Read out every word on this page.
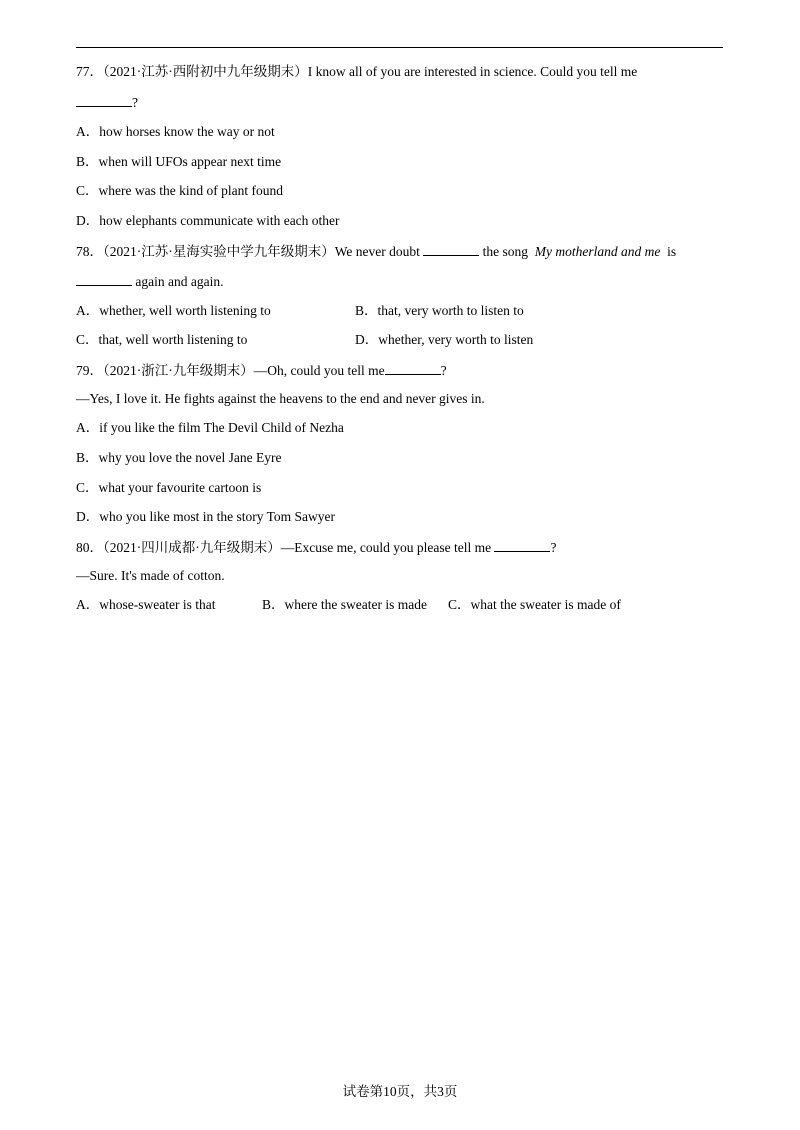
77．（2021·江苏·西附初中九年级期末）I know all of you are interested in science. Could you tell me
?
A．how horses know the way or not
B．when will UFOs appear next time
C．where was the kind of plant found
D．how elephants communicate with each other
78．（2021·江苏·星海实验中学九年级期末）We never doubt	the song My motherland and me is
again and again.
A．whether, well worth listening to	B．that, very worth to listen to
C．that, well worth listening to	D．whether, very worth to listen
79．（2021·浙江·九年级期末）—Oh, could you tell me	?
—Yes, I love it. He fights against the heavens to the end and never gives in.
A．if you like the film The Devil Child of Nezha
B．why you love the novel Jane Eyre
C．what your favourite cartoon is
D．who you like most in the story Tom Sawyer
80．（2021·四川成都·九年级期末）—Excuse me, could you please tell me	?
—Sure. It's made of cotton.
A．whose-sweater is that	B．where the sweater is made C．what the sweater is made of
试卷第10页，共3页
